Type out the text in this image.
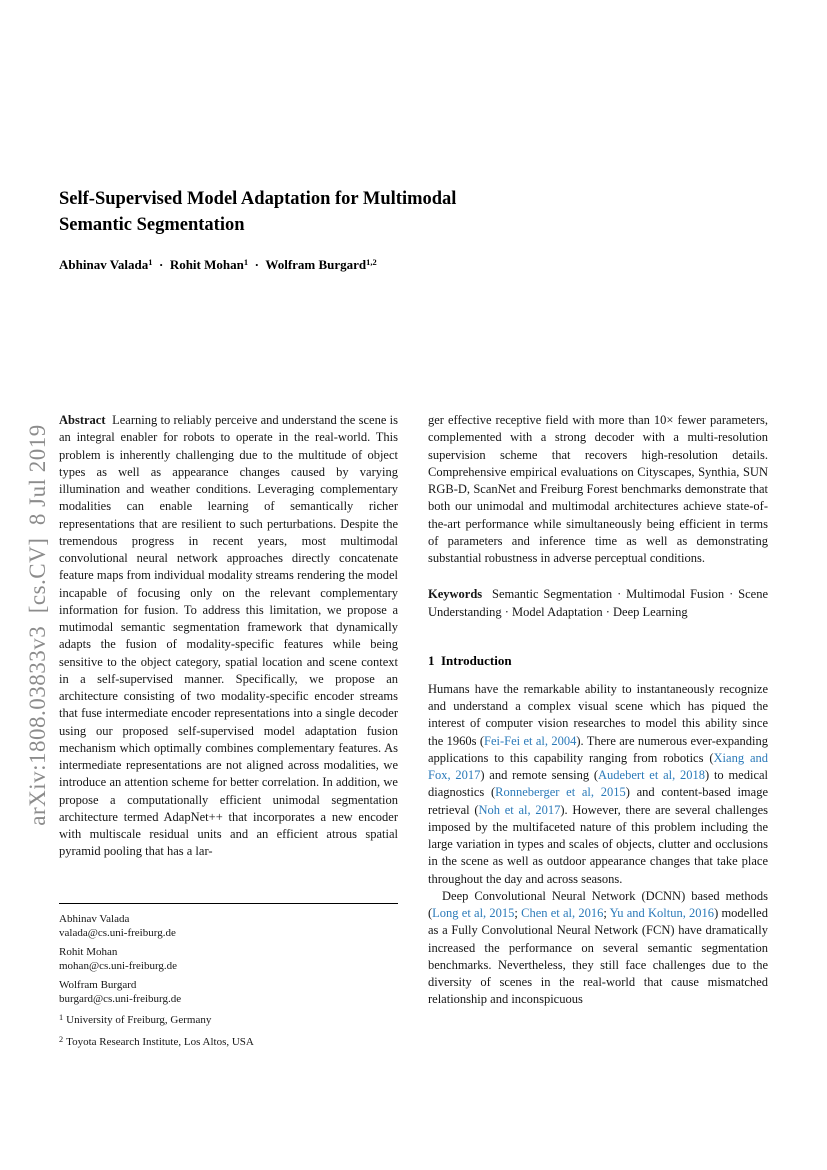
arXiv:1808.03833v3  [cs.CV]  8 Jul 2019
Self-Supervised Model Adaptation for Multimodal
Semantic Segmentation
Abhinav Valada$^1$  ·  Rohit Mohan$^1$  ·  Wolfram Burgard$^{1,2}$

Abstract  Learning to reliably perceive and understand the scene is an integral enabler for robots to operate in the real-world. This problem is inherently challenging due to the multitude of object types as well as appearance changes caused by varying illumination and weather conditions. Leveraging complementary modalities can enable learning of semantically richer representations that are resilient to such perturbations. Despite the tremendous progress in recent years, most multimodal convolutional neural network approaches directly concatenate feature maps from individual modality streams rendering the model incapable of focusing only on the relevant complementary information for fusion. To address this limitation, we propose a mutimodal semantic segmentation framework that dynamically adapts the fusion of modality-specific features while being sensitive to the object category, spatial location and scene context in a self-supervised manner. Specifically, we propose an architecture consisting of two modality-specific encoder streams that fuse intermediate encoder representations into a single decoder using our proposed self-supervised model adaptation fusion mechanism which optimally combines complementary features. As intermediate representations are not aligned across modalities, we introduce an attention scheme for better correlation. In addition, we propose a computationally efficient unimodal segmentation architecture termed AdapNet++ that incorporates a new encoder with multiscale residual units and an efficient atrous spatial pyramid pooling that has a lar-

Abhinav Valada
valada@cs.uni-freiburg.de
Rohit Mohan
mohan@cs.uni-freiburg.de
Wolfram Burgard
burgard@cs.uni-freiburg.de
$^1$ University of Freiburg, Germany
$^2$ Toyota Research Institute, Los Altos, USA

ger effective receptive field with more than 10× fewer parameters, complemented with a strong decoder with a multi-resolution supervision scheme that recovers high-resolution details. Comprehensive empirical evaluations on Cityscapes, Synthia, SUN RGB-D, ScanNet and Freiburg Forest benchmarks demonstrate that both our unimodal and multimodal architectures achieve state-of-the-art performance while simultaneously being efficient in terms of parameters and inference time as well as demonstrating substantial robustness in adverse perceptual conditions.

Keywords  Semantic Segmentation · Multimodal Fusion · Scene Understanding · Model Adaptation · Deep Learning

1  Introduction

Humans have the remarkable ability to instantaneously recognize and understand a complex visual scene which has piqued the interest of computer vision researches to model this ability since the 1960s (Fei-Fei et al, 2004). There are numerous ever-expanding applications to this capability ranging from robotics (Xiang and Fox, 2017) and remote sensing (Audebert et al, 2018) to medical diagnostics (Ronneberger et al, 2015) and content-based image retrieval (Noh et al, 2017). However, there are several challenges imposed by the multifaceted nature of this problem including the large variation in types and scales of objects, clutter and occlusions in the scene as well as outdoor appearance changes that take place throughout the day and across seasons.

Deep Convolutional Neural Network (DCNN) based methods (Long et al, 2015; Chen et al, 2016; Yu and Koltun, 2016) modelled as a Fully Convolutional Neural Network (FCN) have dramatically increased the performance on several semantic segmentation benchmarks. Nevertheless, they still face challenges due to the diversity of scenes in the real-world that cause mismatched relationship and inconspicuous
